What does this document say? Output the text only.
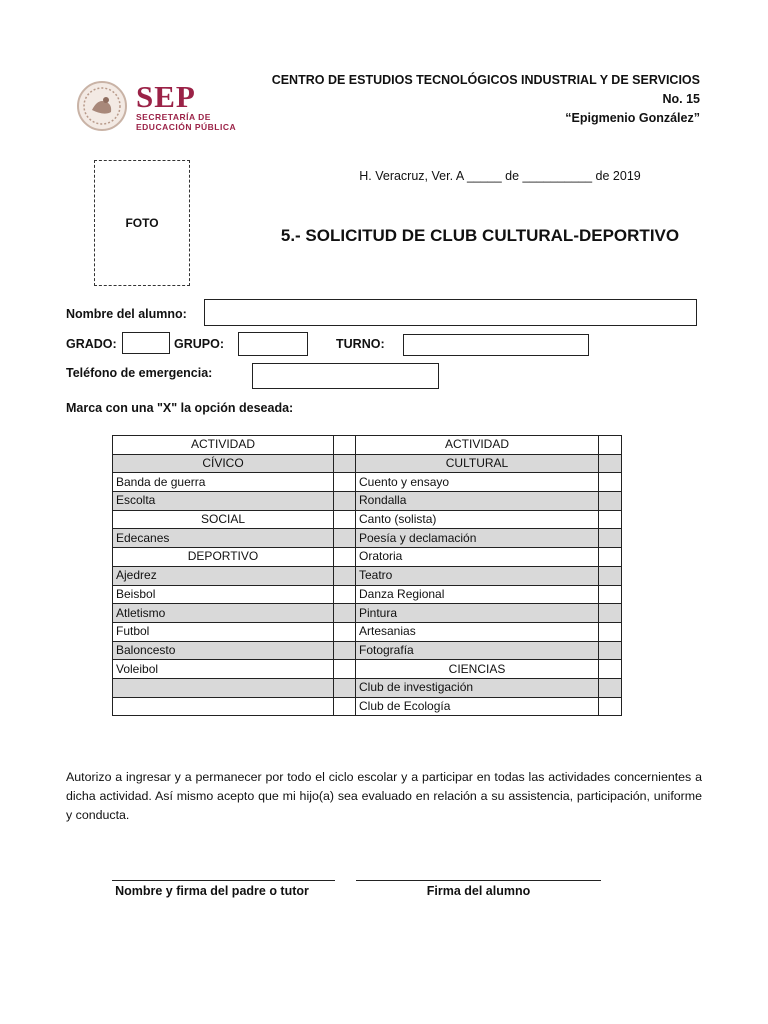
SEP
SECRETARÍA DE
EDUCACIÓN PÚBLICA
CENTRO DE ESTUDIOS TECNOLÓGICOS INDUSTRIAL Y DE SERVICIOS No. 15
“Epigmenio González”
FOTO
H. Veracruz, Ver. A _____ de __________ de 2019
5.- SOLICITUD DE CLUB CULTURAL-DEPORTIVO
Nombre del alumno:
GRADO:	GRUPO:	TURNO:
Teléfono de emergencia:
Marca con una "X" la opción deseada:
ACTIVIDAD		ACTIVIDAD	
CÍVICO		CULTURAL	
Banda de guerra		Cuento y ensayo	
Escolta		Rondalla	
SOCIAL		Canto (solista)	
Edecanes		Poesía y declamación	
DEPORTIVO		Oratoria	
Ajedrez		Teatro	
Beisbol		Danza Regional	
Atletismo		Pintura	
Futbol		Artesanias	
Baloncesto		Fotografía	
Voleibol		CIENCIAS	
		Club de investigación	
		Club de Ecología	
Autorizo a ingresar y a permanecer por todo el ciclo escolar y a participar en todas las actividades concernientes a dicha actividad. Así mismo acepto que mi hijo(a) sea evaluado en relación a su assistencia, participación, uniforme y conducta.
Nombre y firma del padre o tutor	Firma del alumno
